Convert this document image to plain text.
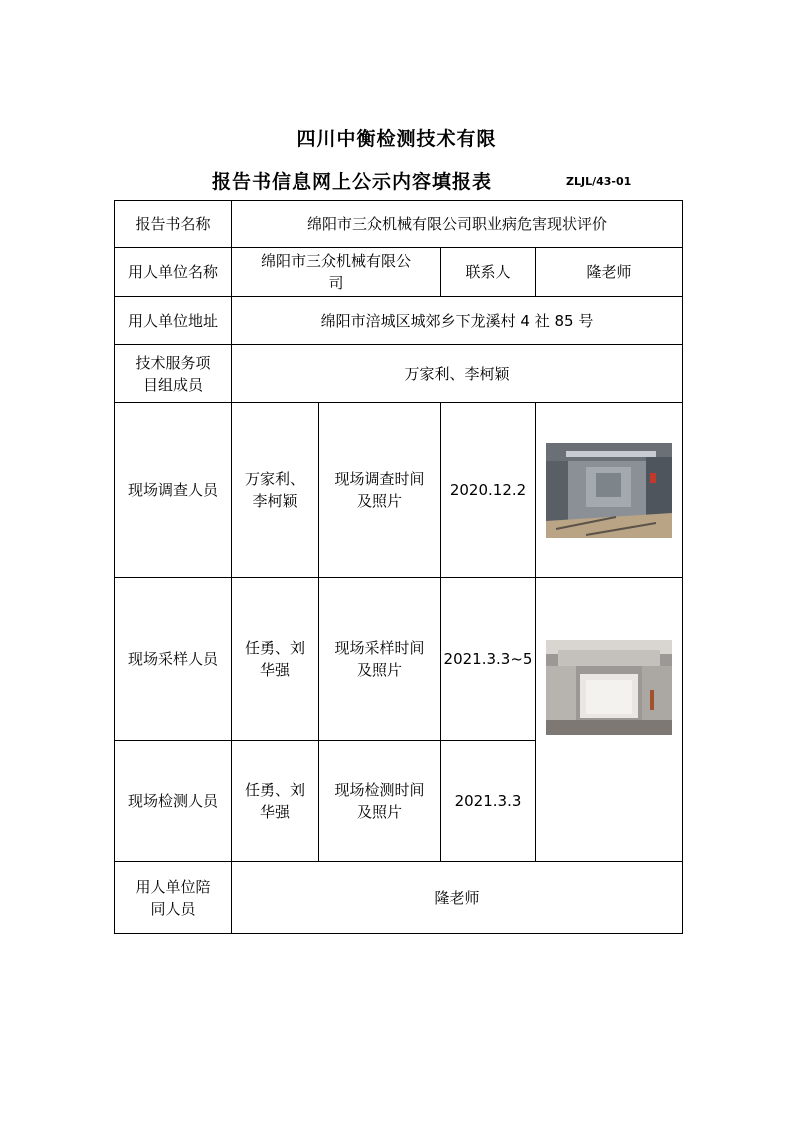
四川中衡检测技术有限
报告书信息网上公示内容填报表	ZLJL/43-01
报告书名称	绵阳市三众机械有限公司职业病危害现状评价			
用人单位名称	绵阳市三众机械有限公司		联系人	隆老师
用人单位地址	绵阳市涪城区城郊乡下龙溪村 4 社 85 号			
技术服务项目组成员	万家利、李柯颖			
现场调查人员	万家利、李柯颖	现场调查时间及照片	2020.12.2	

现场采样人员	任勇、刘华强	现场采样时间及照片	2021.3.3~5	

现场检测人员	任勇、刘华强	现场检测时间及照片	2021.3.3	
用人单位陪同人员	隆老师			
